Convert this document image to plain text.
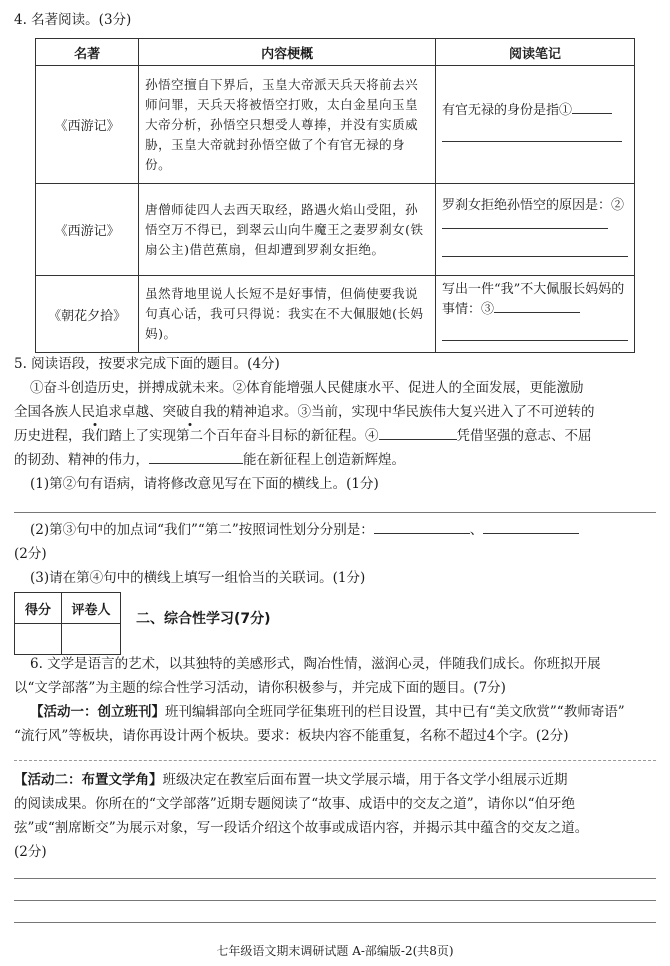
4. 名著阅读。(3分)
名著	内容梗概	阅读笔记
《西游记》	孙悟空擅自下界后，玉皇大帝派天兵天将前去兴师问罪，天兵天将被悟空打败，太白金星向玉皇大帝分析，孙悟空只想受人尊捧，并没有实质威胁，玉皇大帝就封孙悟空做了个有官无禄的身份。	有官无禄的身份是指①
《西游记》	唐僧师徒四人去西天取经，路遇火焰山受阻，孙悟空万不得已，到翠云山向牛魔王之妻罗刹女(铁扇公主)借芭蕉扇，但却遭到罗刹女拒绝。	罗刹女拒绝孙悟空的原因是：②
《朝花夕拾》	虽然背地里说人长短不是好事情，但倘使要我说句真心话，我可只得说：我实在不大佩服她(长妈妈)。	写出一件“我”不大佩服长妈妈的事情：③
5. 阅读语段，按要求完成下面的题目。(4分)
①奋斗创造历史，拼搏成就未来。②体育能增强人民健康水平、促进人的全面发展，更能激励
全国各族人民追求卓越、突破自我的精神追求。③当前，实现中华民族伟大复兴进入了不可逆转的
历史进程，我们踏上了实现第二个百年奋斗目标的新征程。④	凭借坚强的意志、不屈
的韧劲、精神的伟力，	能在新征程上创造新辉煌。
(1)第②句有语病，请将修改意见写在下面的横线上。(1分)
(2)第③句中的加点词“我们”“第二”按照词性划分分别是：	、
(2分)
(3)请在第④句中的横线上填写一组恰当的关联词。(1分)
得分	评卷人

二、综合性学习(7分)
6. 文学是语言的艺术，以其独特的美感形式，陶冶性情，滋润心灵，伴随我们成长。你班拟开展
以“文学部落”为主题的综合性学习活动，请你积极参与，并完成下面的题目。(7分)
【活动一：创立班刊】班刊编辑部向全班同学征集班刊的栏目设置，其中已有“美文欣赏”“教师寄语”
“流行风”等板块，请你再设计两个板块。要求：板块内容不能重复，名称不超过4个字。(2分)
【活动二：布置文学角】班级决定在教室后面布置一块文学展示墙，用于各文学小组展示近期
的阅读成果。你所在的“文学部落”近期专题阅读了“故事、成语中的交友之道”，请你以“伯牙绝
弦”或“割席断交”为展示对象，写一段话介绍这个故事或成语内容，并揭示其中蕴含的交友之道。
(2分)
七年级语文期末调研试题 A-部编版-2(共8页)
